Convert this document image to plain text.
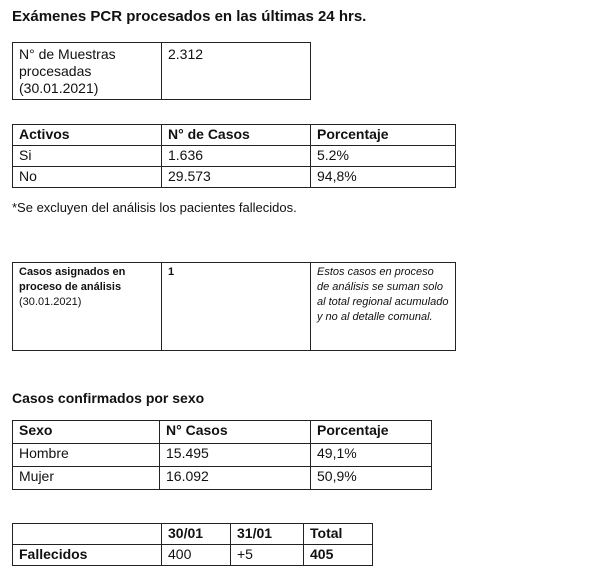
Exámenes PCR procesados en las últimas 24 hrs.
N° de Muestras procesadas (30.01.2021)	2.312
Activos	N° de Casos	Porcentaje
Si	1.636	5.2%
No	29.573	94,8%
*Se excluyen del análisis los pacientes fallecidos.
Casos asignados en proceso de análisis
(30.01.2021)
	1	Estos casos en proceso de análisis se suman solo al total regional acumulado y no al detalle comunal.
Casos confirmados por sexo
Sexo	N° Casos	Porcentaje
Hombre	15.495	49,1%
Mujer	16.092	50,9%
	30/01	31/01	Total
Fallecidos	400	+5	405
